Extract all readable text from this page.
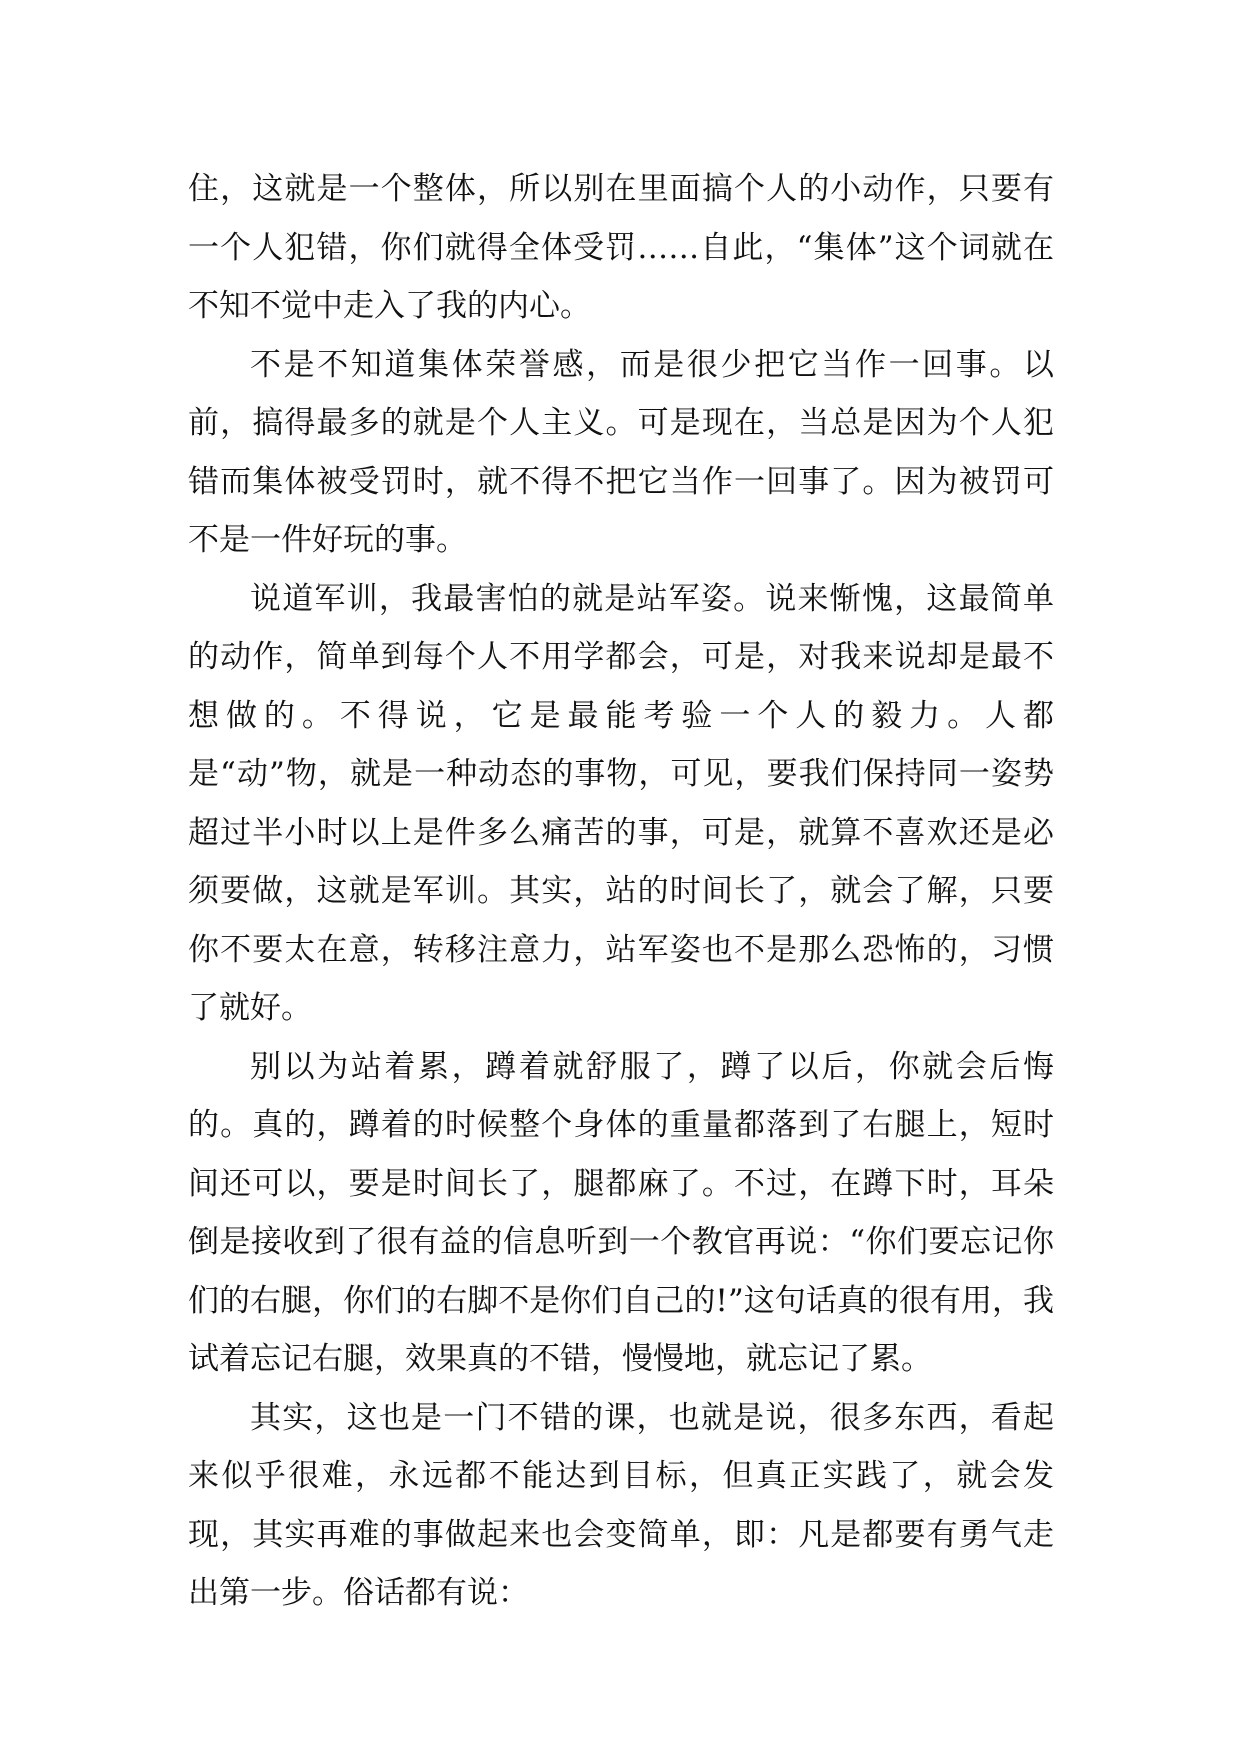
住，这就是一个整体，所以别在里面搞个人的小动作，只要有一个人犯错，你们就得全体受罚……自此，“集体”这个词就在不知不觉中走入了我的内心。

不是不知道集体荣誉感，而是很少把它当作一回事。以前，搞得最多的就是个人主义。可是现在，当总是因为个人犯错而集体被受罚时，就不得不把它当作一回事了。因为被罚可不是一件好玩的事。

说道军训，我最害怕的就是站军姿。说来惭愧，这最简单的动作，简单到每个人不用学都会，可是，对我来说却是最不想做的。不得说，它是最能考验一个人的毅力。人都是“动”物，就是一种动态的事物，可见，要我们保持同一姿势超过半小时以上是件多么痛苦的事，可是，就算不喜欢还是必须要做，这就是军训。其实，站的时间长了，就会了解，只要你不要太在意，转移注意力，站军姿也不是那么恐怖的，习惯了就好。

别以为站着累，蹲着就舒服了，蹲了以后，你就会后悔的。真的，蹲着的时候整个身体的重量都落到了右腿上，短时间还可以，要是时间长了，腿都麻了。不过，在蹲下时，耳朵倒是接收到了很有益的信息听到一个教官再说：“你们要忘记你们的右腿，你们的右脚不是你们自己的!”这句话真的很有用，我试着忘记右腿，效果真的不错，慢慢地，就忘记了累。

其实，这也是一门不错的课，也就是说，很多东西，看起来似乎很难，永远都不能达到目标，但真正实践了，就会发现，其实再难的事做起来也会变简单，即：凡是都要有勇气走出第一步。俗话都有说：
